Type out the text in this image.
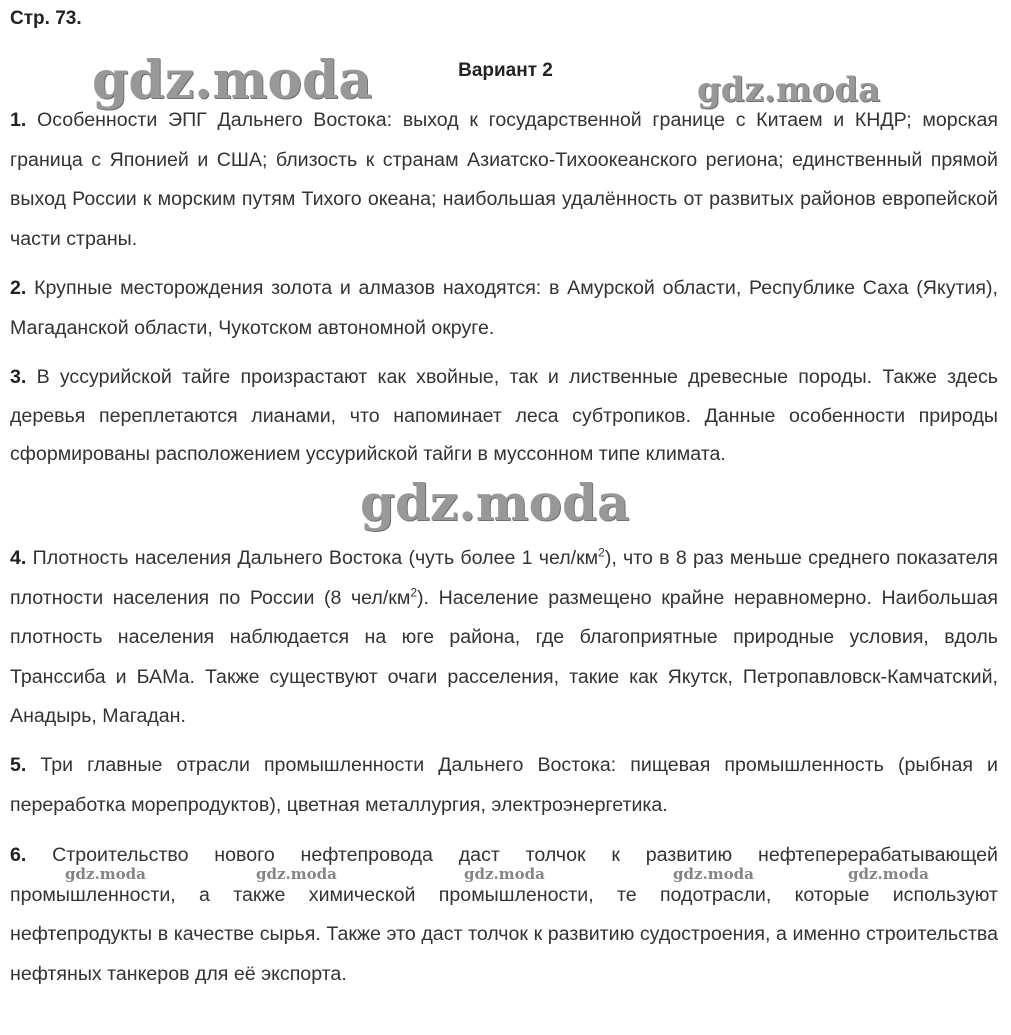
Стр. 73.
Вариант 2
gdz.moda	gdz.moda
1. Особенности ЭПГ Дальнего Востока: выход к государственной границе с Китаем и КНДР; морская граница с Японией и США; близость к странам Азиатско-Тихоокеанского региона; единственный прямой выход России к морским путям Тихого океана; наибольшая удалённость от развитых районов европейской части страны.
2. Крупные месторождения золота и алмазов находятся: в Амурской области, Республике Саха (Якутия), Магаданской области, Чукотском автономной округе.
3. В уссурийской тайге произрастают как хвойные, так и лиственные древесные породы. Также здесь деревья переплетаются лианами, что напоминает леса субтропиков. Данные особенности природы сформированы расположением уссурийской тайги в муссонном типе климата.
gdz.moda
4. Плотность населения Дальнего Востока (чуть более 1 чел/$км^2$), что в 8 раз меньше среднего показателя плотности населения по России (8 чел/$км^2$). Население размещено крайне неравномерно. Наибольшая плотность населения наблюдается на юге района, где благоприятные природные условия, вдоль Транссиба и БАМа. Также существуют очаги расселения, такие как Якутск, Петропавловск-Камчатский, Анадырь, Магадан.
5. Три главные отрасли промышленности Дальнего Востока: пищевая промышленность (рыбная и переработка морепродуктов), цветная металлургия, электроэнергетика.
6. Строительство нового нефтепровода даст толчок к развитию нефтеперерабатывающей промышленности, а также химической промышлености, те подотрасли, которые используют нефтепродукты в качестве сырья. Также это даст толчок к развитию судостроения, а именно строительства нефтяных танкеров для её экспорта.
gdz.moda	gdz.moda	gdz.moda	gdz.moda	gdz.moda
